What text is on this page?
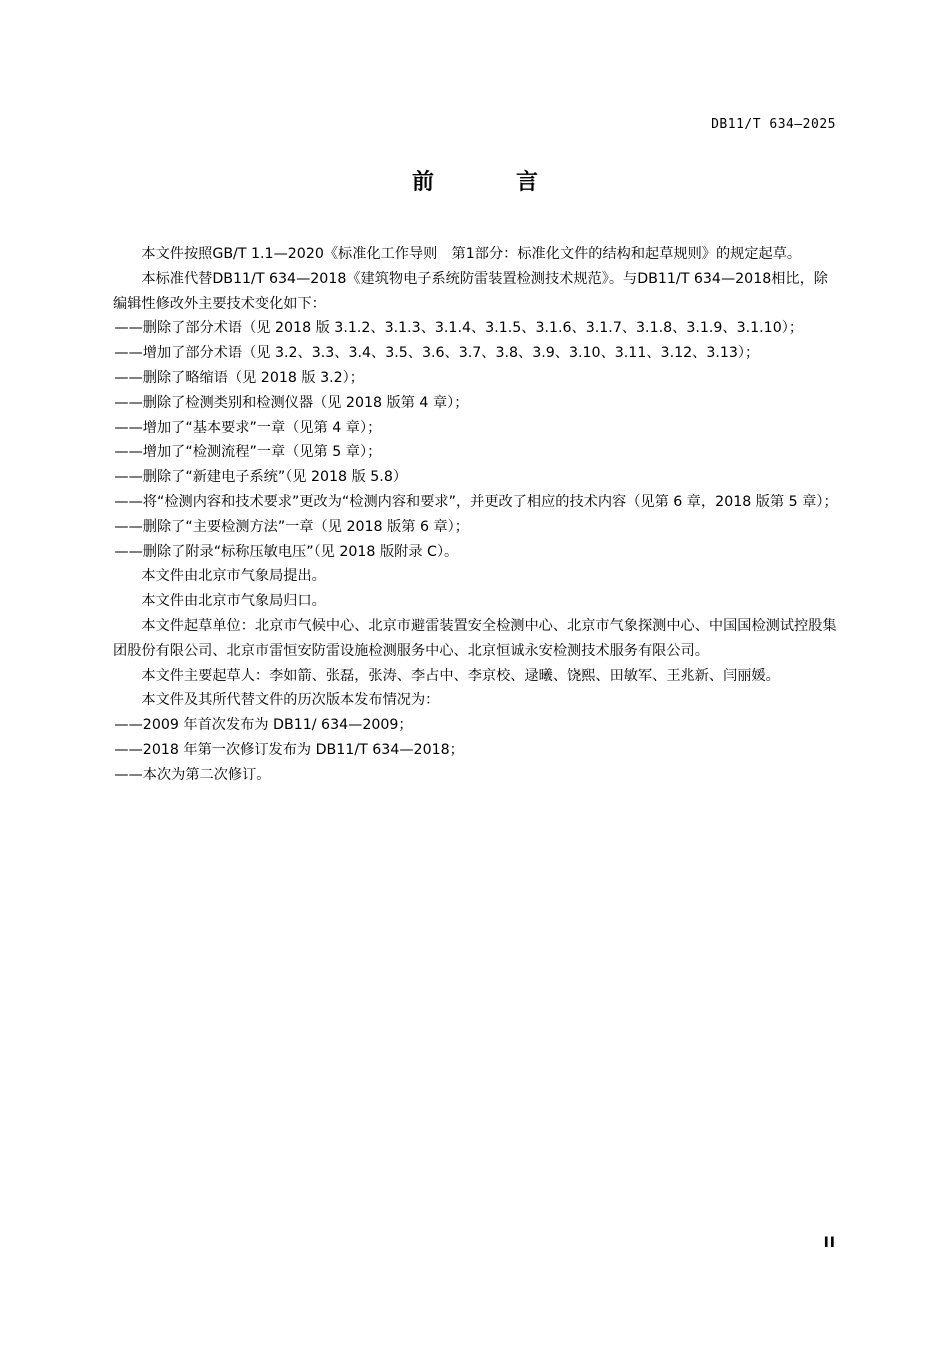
DB11/T 634—2025
前　言

本文件按照GB/T 1.1—2020《标准化工作导则　第1部分：标准化文件的结构和起草规则》的规定起草。

本标准代替DB11/T 634—2018《建筑物电子系统防雷装置检测技术规范》。与DB11/T 634—2018相比，除编辑性修改外主要技术变化如下：

——删除了部分术语（见 2018 版 3.1.2、3.1.3、3.1.4、3.1.5、3.1.6、3.1.7、3.1.8、3.1.9、3.1.10）；

——增加了部分术语（见 3.2、3.3、3.4、3.5、3.6、3.7、3.8、3.9、3.10、3.11、3.12、3.13）；

——删除了略缩语（见 2018 版 3.2）；

——删除了检测类别和检测仪器（见 2018 版第 4 章）；

——增加了“基本要求”一章（见第 4 章）；

——增加了“检测流程”一章（见第 5 章）；

——删除了“新建电子系统”（见 2018 版 5.8）

——将“检测内容和技术要求”更改为“检测内容和要求”，并更改了相应的技术内容（见第 6 章，2018 版第 5 章）；

——删除了“主要检测方法”一章（见 2018 版第 6 章）；

——删除了附录“标称压敏电压”（见 2018 版附录 C）。

本文件由北京市气象局提出。

本文件由北京市气象局归口。

本文件起草单位：北京市气候中心、北京市避雷装置安全检测中心、北京市气象探测中心、中国国检测试控股集团股份有限公司、北京市雷恒安防雷设施检测服务中心、北京恒诚永安检测技术服务有限公司。

本文件主要起草人：李如箭、张磊，张涛、李占中、李京校、逯曦、饶熙、田敏军、王兆新、闫丽媛。

本文件及其所代替文件的历次版本发布情况为：

——2009 年首次发布为 DB11/ 634—2009；

——2018 年第一次修订发布为 DB11/T 634—2018；

——本次为第二次修订。

II
